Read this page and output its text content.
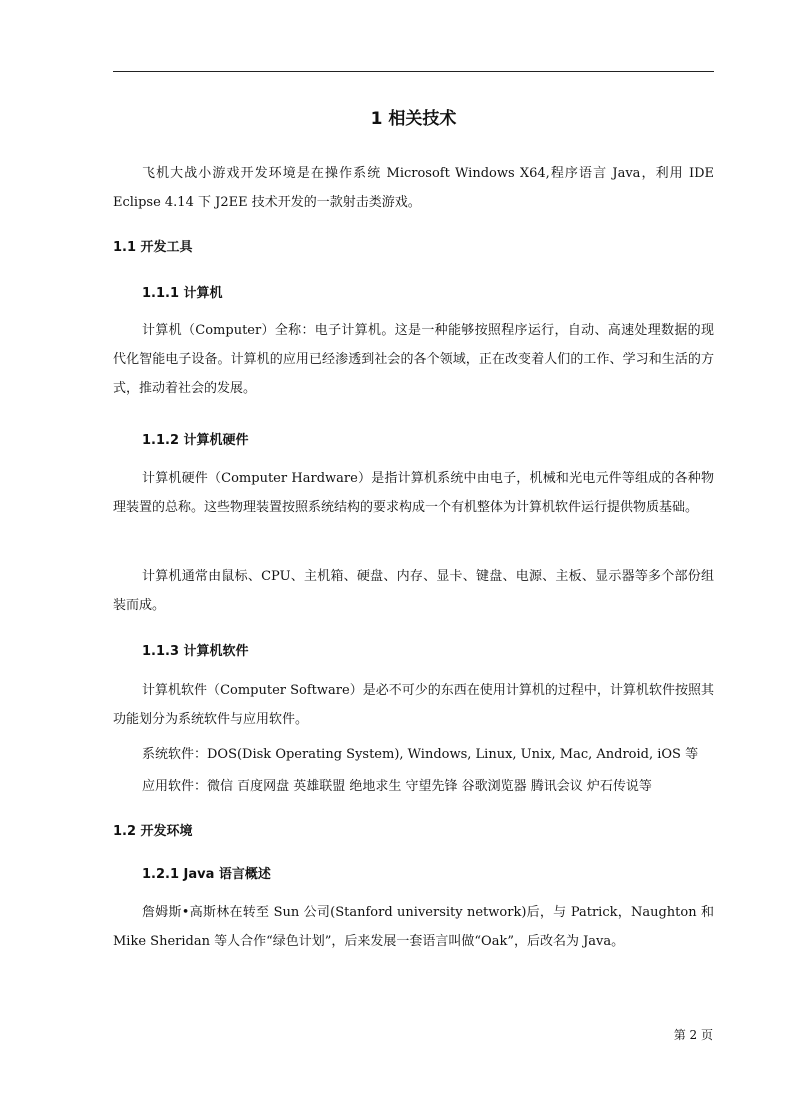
1 相关技术

飞机大战小游戏开发环境是在操作系统 Microsoft Windows X64,程序语言 Java，利用 IDE Eclipse 4.14 下 J2EE 技术开发的一款射击类游戏。

1.1 开发工具
1.1.1 计算机

计算机（Computer）全称：电子计算机。这是一种能够按照程序运行，自动、高速处理数据的现代化智能电子设备。计算机的应用已经渗透到社会的各个领域，正在改变着人们的工作、学习和生活的方式，推动着社会的发展。

1.1.2 计算机硬件

计算机硬件（Computer Hardware）是指计算机系统中由电子，机械和光电元件等组成的各种物理装置的总称。这些物理装置按照系统结构的要求构成一个有机整体为计算机软件运行提供物质基础。

计算机通常由鼠标、CPU、主机箱、硬盘、内存、显卡、键盘、电源、主板、显示器等多个部份组装而成。

1.1.3 计算机软件

计算机软件（Computer Software）是必不可少的东西在使用计算机的过程中，计算机软件按照其功能划分为系统软件与应用软件。

系统软件：DOS(Disk Operating System), Windows, Linux, Unix, Mac, Android, iOS 等
应用软件：微信 百度网盘 英雄联盟 绝地求生 守望先锋 谷歌浏览器 腾讯会议 炉石传说等
1.2 开发环境
1.2.1 Java 语言概述

詹姆斯•高斯林在转至 Sun 公司(Stanford university network)后，与 Patrick，Naughton 和 Mike Sheridan 等人合作“绿色计划”，后来发展一套语言叫做“Oak”，后改名为 Java。

第 2 页
